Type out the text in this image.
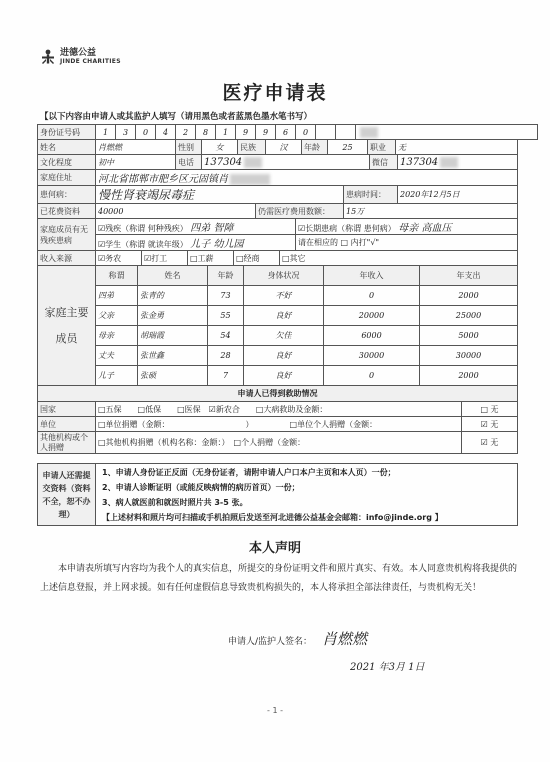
进德公益
JINDE CHARITIES
医疗申请表
【以下内容由申请人或其监护人填写（请用黑色或者蓝黑色墨水笔书写）
身份证号码	1	3	0	4	2	8	1	9	9	6	0			
姓名	肖燃燃	性别	女	民族	汉	年龄	25	职业	无
文化程度	初中	电话	137304	微信	137304
家庭住址	河北省邯郸市肥乡区元固镇肖
患何病：	慢性肾衰竭尿毒症	患病时间：	2020年12月5日
已花费资料	40000	仍需医疗费用数额：	15万
家庭成员有无残疾患病	☑残疾（称谓 何种残疾） 四弟 智障	☑长期患病（称谓 患何病） 母亲 高血压
	☑学生（称谓 就读年级） 儿子 幼儿园	请在相应的 □ 内打"√"
收入来源	☑务农	☑打工	□工薪	□经商	□其它
家庭主要成员	称谓	姓名	年龄	身体状况	年收入	年支出
	四弟	张青的	73	不好	0	2000
	父亲	张金勇	55	良好	20000	25000
	母亲	胡瑞霞	54	欠佳	6000	5000
	丈夫	张世鑫	28	良好	30000	30000
	儿子	张硕	7	良好	0	2000
申请人已得到救助情况		
国家	□五保　　□低保　　□医保　☑新农合　　□大病救助及金额：	□ 无
单位	□单位捐赠（金额：　　　　　　　　　　）　　　　　□单位个人捐赠（金额：	☑ 无
其他机构或个人捐赠	□其他机构捐赠（机构名称：金额：）　□个人捐赠（金额：	☑ 无
申请人还需提交资料（资料不全，恕不办理）	
1、申请人身份证正反面（无身份证者，请附申请人户口本户主页和本人页）一份；
2、申请人诊断证明（或能反映病情的病历首页）一份；
3、病人就医前和就医时照片共 3-5 张。
【上述材料和照片均可扫描或手机拍照后发送至河北进德公益基金会邮箱：info@jinde.org 】
本人声明
本申请表所填写内容均为我个人的真实信息，所提交的身份证明文件和照片真实、有效。本人同意贵机构将我提供的上述信息登报，并上网求援。如有任何虚假信息导致贵机构损失的，本人将承担全部法律责任，与贵机构无关！
申请人/监护人签名： 肖燃燃
2021 年3月 1日
- 1 -
